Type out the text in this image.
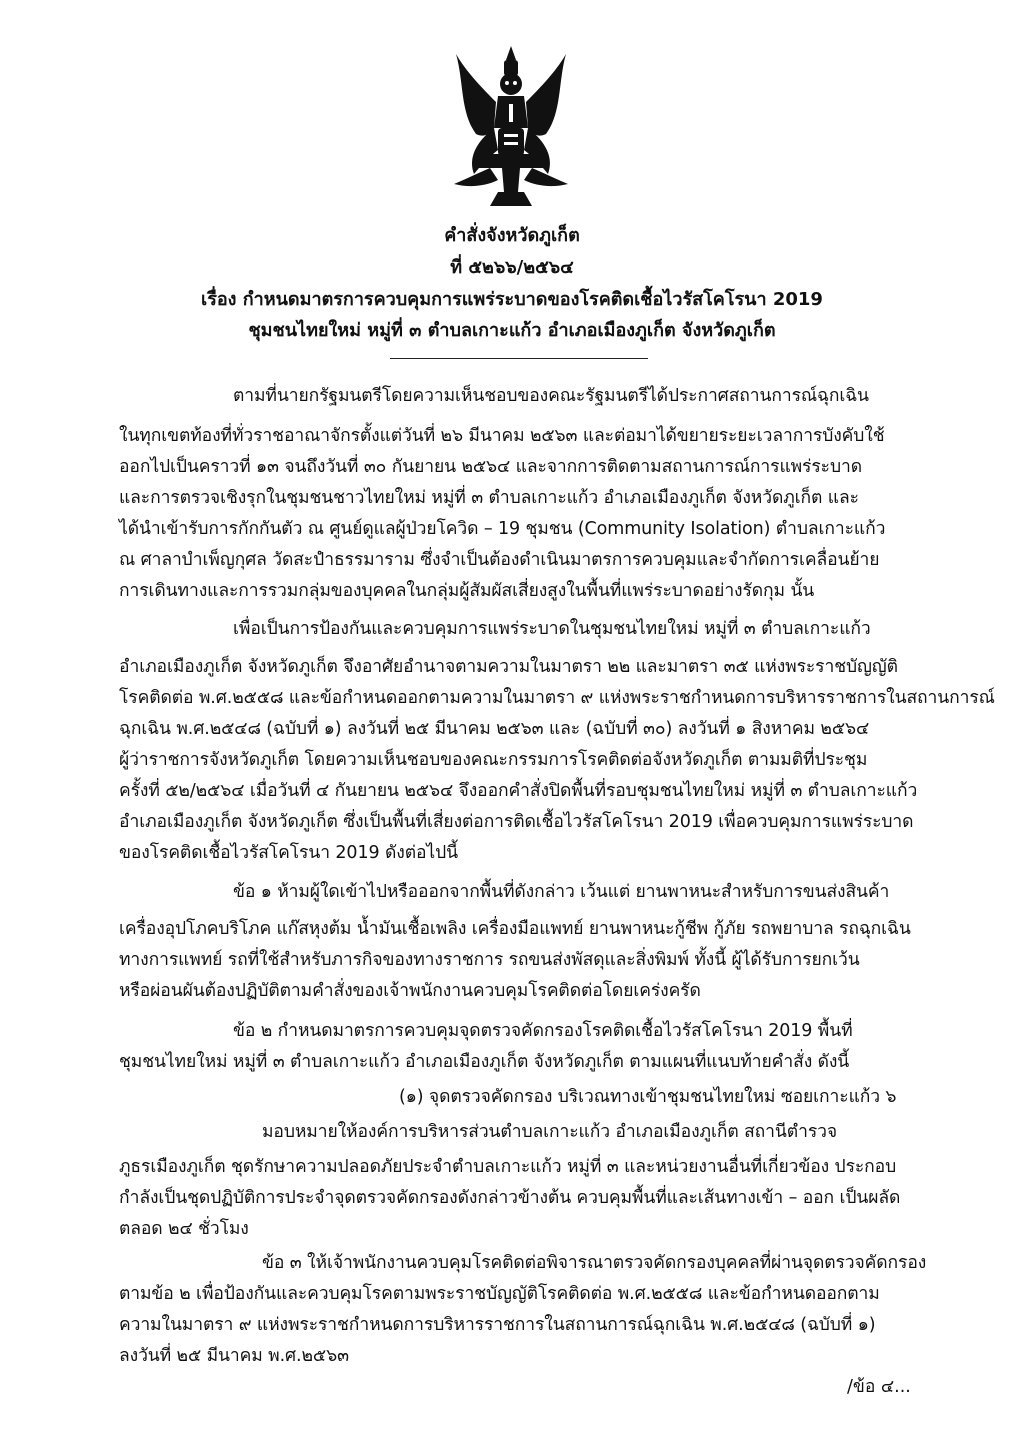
คำสั่งจังหวัดภูเก็ต
ที่ ๕๒๖๖/๒๕๖๔
เรื่อง กำหนดมาตรการควบคุมการแพร่ระบาดของโรคติดเชื้อไวรัสโคโรนา 2019
ชุมชนไทยใหม่ หมู่ที่ ๓ ตำบลเกาะแก้ว อำเภอเมืองภูเก็ต จังหวัดภูเก็ต
ตามที่นายกรัฐมนตรีโดยความเห็นชอบของคณะรัฐมนตรีได้ประกาศสถานการณ์ฉุกเฉิน
ในทุกเขตท้องที่ทั่วราชอาณาจักรตั้งแต่วันที่ ๒๖ มีนาคม ๒๕๖๓ และต่อมาได้ขยายระยะเวลาการบังคับใช้
ออกไปเป็นคราวที่ ๑๓ จนถึงวันที่ ๓๐ กันยายน ๒๕๖๔ และจากการติดตามสถานการณ์การแพร่ระบาด
และการตรวจเชิงรุกในชุมชนชาวไทยใหม่ หมู่ที่ ๓ ตำบลเกาะแก้ว อำเภอเมืองภูเก็ต จังหวัดภูเก็ต และ
ได้นำเข้ารับการกักกันตัว ณ ศูนย์ดูแลผู้ป่วยโควิด – 19 ชุมชน (Community Isolation) ตำบลเกาะแก้ว
ณ ศาลาบำเพ็ญกุศล วัดสะปำธรรมาราม ซึ่งจำเป็นต้องดำเนินมาตรการควบคุมและจำกัดการเคลื่อนย้าย
การเดินทางและการรวมกลุ่มของบุคคลในกลุ่มผู้สัมผัสเสี่ยงสูงในพื้นที่แพร่ระบาดอย่างรัดกุม นั้น
เพื่อเป็นการป้องกันและควบคุมการแพร่ระบาดในชุมชนไทยใหม่ หมู่ที่ ๓ ตำบลเกาะแก้ว
อำเภอเมืองภูเก็ต จังหวัดภูเก็ต จึงอาศัยอำนาจตามความในมาตรา ๒๒ และมาตรา ๓๕ แห่งพระราชบัญญัติ
โรคติดต่อ พ.ศ.๒๕๕๘ และข้อกำหนดออกตามความในมาตรา ๙ แห่งพระราชกำหนดการบริหารราชการในสถานการณ์
ฉุกเฉิน พ.ศ.๒๕๔๘ (ฉบับที่ ๑) ลงวันที่ ๒๕ มีนาคม ๒๕๖๓ และ (ฉบับที่ ๓๐) ลงวันที่ ๑ สิงหาคม ๒๕๖๔
ผู้ว่าราชการจังหวัดภูเก็ต โดยความเห็นชอบของคณะกรรมการโรคติดต่อจังหวัดภูเก็ต ตามมติที่ประชุม
ครั้งที่ ๕๒/๒๕๖๔ เมื่อวันที่ ๔ กันยายน ๒๕๖๔ จึงออกคำสั่งปิดพื้นที่รอบชุมชนไทยใหม่ หมู่ที่ ๓ ตำบลเกาะแก้ว
อำเภอเมืองภูเก็ต จังหวัดภูเก็ต ซึ่งเป็นพื้นที่เสี่ยงต่อการติดเชื้อไวรัสโคโรนา 2019 เพื่อควบคุมการแพร่ระบาด
ของโรคติดเชื้อไวรัสโคโรนา 2019 ดังต่อไปนี้
ข้อ ๑ ห้ามผู้ใดเข้าไปหรือออกจากพื้นที่ดังกล่าว เว้นแต่ ยานพาหนะสำหรับการขนส่งสินค้า
เครื่องอุปโภคบริโภค แก๊สหุงต้ม น้ำมันเชื้อเพลิง เครื่องมือแพทย์ ยานพาหนะกู้ชีพ กู้ภัย รถพยาบาล รถฉุกเฉิน
ทางการแพทย์ รถที่ใช้สำหรับภารกิจของทางราชการ รถขนส่งพัสดุและสิ่งพิมพ์ ทั้งนี้ ผู้ได้รับการยกเว้น
หรือผ่อนผันต้องปฏิบัติตามคำสั่งของเจ้าพนักงานควบคุมโรคติดต่อโดยเคร่งครัด
ข้อ ๒ กำหนดมาตรการควบคุมจุดตรวจคัดกรองโรคติดเชื้อไวรัสโคโรนา 2019 พื้นที่
ชุมชนไทยใหม่ หมู่ที่ ๓ ตำบลเกาะแก้ว อำเภอเมืองภูเก็ต จังหวัดภูเก็ต ตามแผนที่แนบท้ายคำสั่ง ดังนี้
(๑) จุดตรวจคัดกรอง บริเวณทางเข้าชุมชนไทยใหม่ ซอยเกาะแก้ว ๖
มอบหมายให้องค์การบริหารส่วนตำบลเกาะแก้ว อำเภอเมืองภูเก็ต สถานีตำรวจ
ภูธรเมืองภูเก็ต ชุดรักษาความปลอดภัยประจำตำบลเกาะแก้ว หมู่ที่ ๓ และหน่วยงานอื่นที่เกี่ยวข้อง ประกอบ
กำลังเป็นชุดปฏิบัติการประจำจุดตรวจคัดกรองดังกล่าวข้างต้น ควบคุมพื้นที่และเส้นทางเข้า – ออก เป็นผลัด
ตลอด ๒๔ ชั่วโมง
ข้อ ๓ ให้เจ้าพนักงานควบคุมโรคติดต่อพิจารณาตรวจคัดกรองบุคคลที่ผ่านจุดตรวจคัดกรอง
ตามข้อ ๒ เพื่อป้องกันและควบคุมโรคตามพระราชบัญญัติโรคติดต่อ พ.ศ.๒๕๕๘ และข้อกำหนดออกตาม
ความในมาตรา ๙ แห่งพระราชกำหนดการบริหารราชการในสถานการณ์ฉุกเฉิน พ.ศ.๒๕๔๘ (ฉบับที่ ๑)
ลงวันที่ ๒๕ มีนาคม พ.ศ.๒๕๖๓
/ข้อ ๔...
